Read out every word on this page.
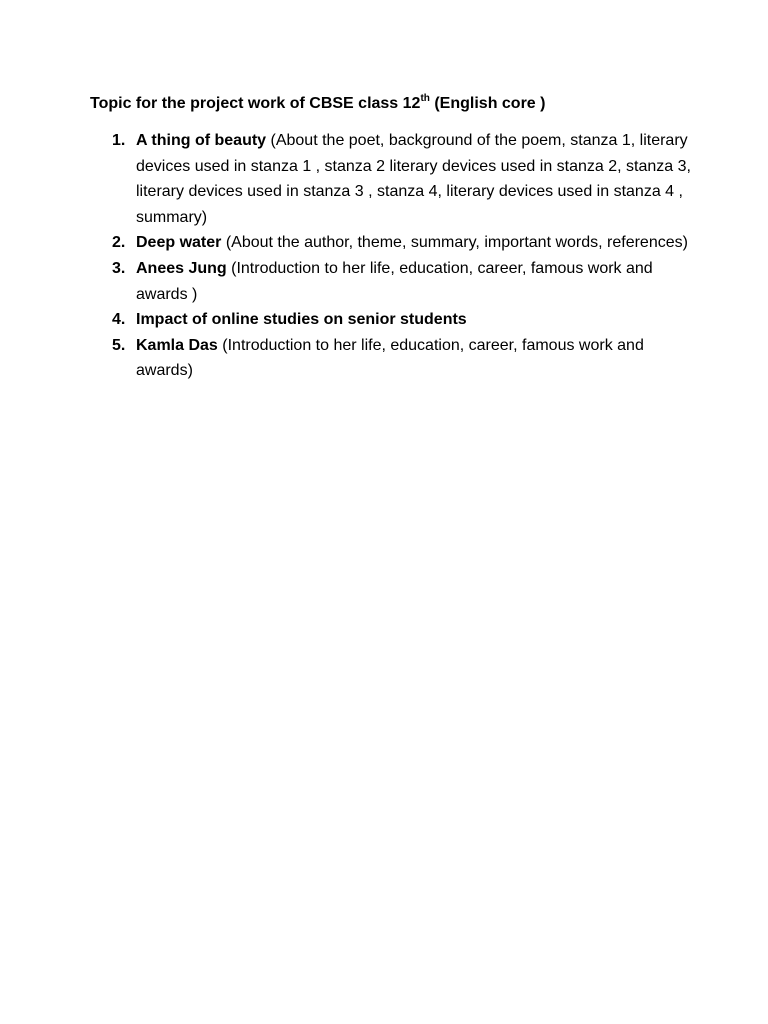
Topic for the project work of CBSE class 12th (English core )

1. A thing of beauty (About the poet, background of the poem, stanza 1, literary devices used in stanza 1 , stanza 2 literary devices used in stanza 2, stanza 3, literary devices used in stanza 3 , stanza 4, literary devices used in stanza 4 , summary)
2. Deep water (About the author, theme, summary, important words, references)
3. Anees Jung (Introduction to her life, education, career, famous work and awards )
4. Impact of online studies on senior students
5. Kamla Das (Introduction to her life, education, career, famous work and awards)
